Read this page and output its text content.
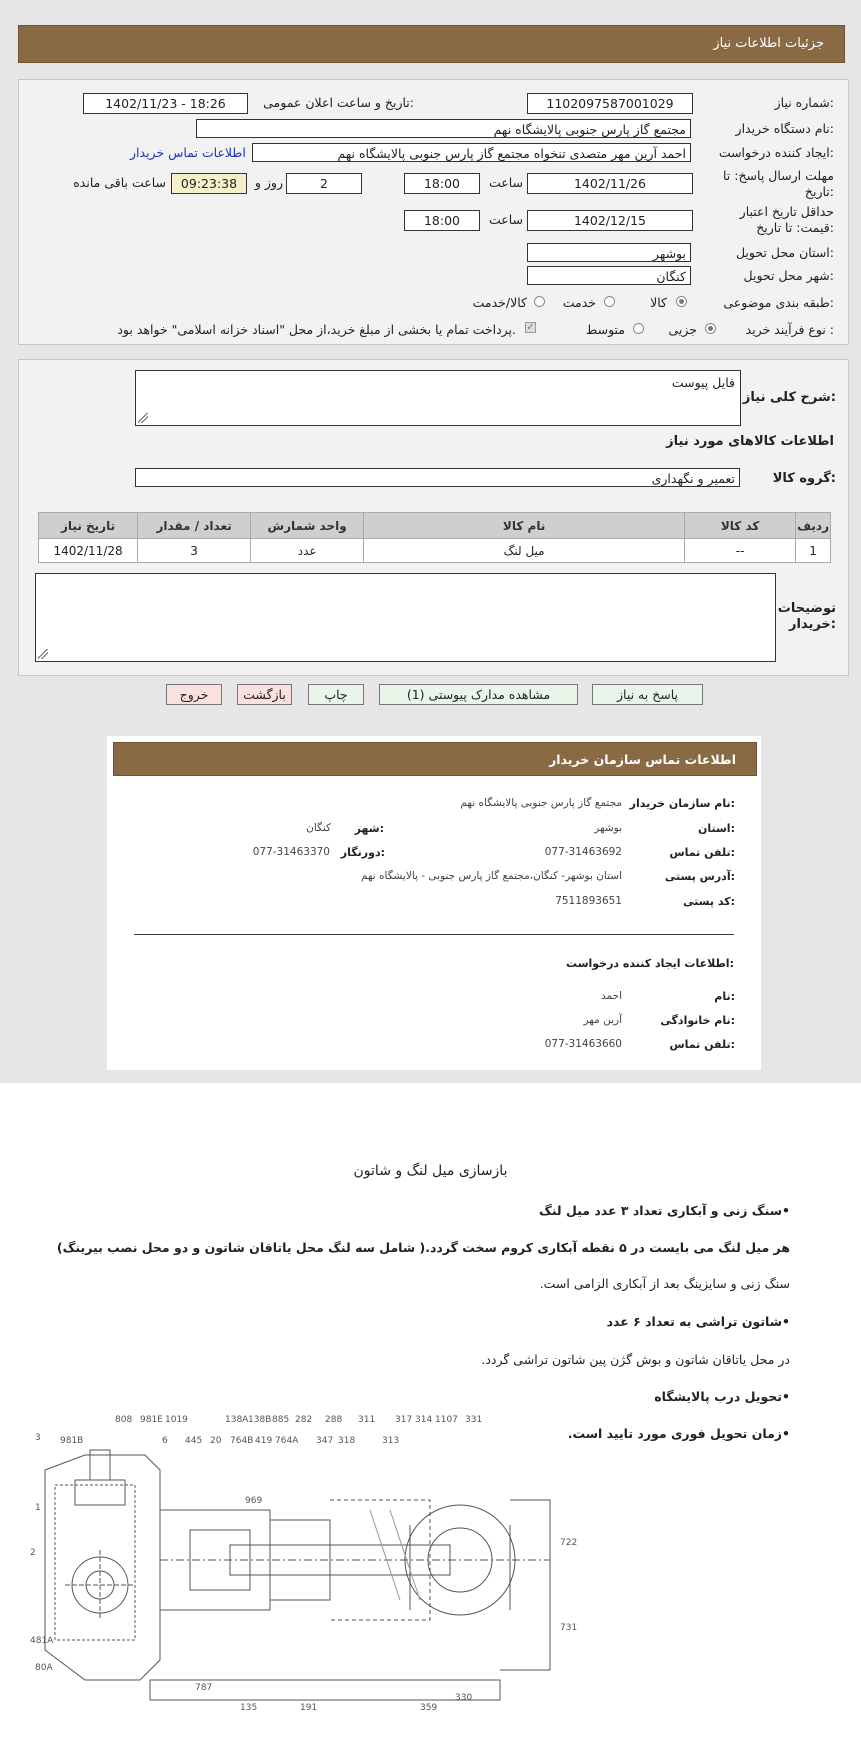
جزئیات اطلاعات نیاز
شماره نیاز:
1102097587001029
تاریخ و ساعت اعلان عمومی:
1402/11/23 - 18:26
نام دستگاه خریدار:
مجتمع گاز پارس جنوبی پالایشگاه نهم
ایجاد کننده درخواست:
احمد آرین مهر متصدی تنخواه مجتمع گاز پارس جنوبی پالایشگاه نهم
اطلاعات تماس خریدار
مهلت ارسال پاسخ: تا تاریخ:
1402/11/26
ساعت
18:00
2
روز و
09:23:38
ساعت باقی مانده
حداقل تاریخ اعتبار قیمت: تا تاریخ:
1402/12/15
ساعت
18:00
استان محل تحویل:
بوشهر
شهر محل تحویل:
کنگان
طبقه بندی موضوعی:
کالا
خدمت
کالا/خدمت
نوع فرآیند خرید :
جزیی
متوسط
✓
پرداخت تمام یا بخشی از مبلغ خرید،از محل "اسناد خزانه اسلامی" خواهد بود.
شرح کلی نیاز:
فایل پیوست
اطلاعات کالاهای مورد نیاز
گروه کالا:
تعمیر و نگهداری
ردیف	کد کالا	نام کالا	واحد شمارش	تعداد / مقدار	تاریخ نیاز
1	--	میل لنگ	عدد	3	1402/11/28
توضیحات خریدار:
پاسخ به نیاز
مشاهده مدارک پیوستی (1)
چاپ
بازگشت
خروج
اطلاعات تماس سازمان خریدار
نام سازمان خریدار:
مجتمع گاز پارس جنوبی پالایشگاه نهم
استان:
بوشهر
شهر:
کنگان
تلفن تماس:
077-31463692
دورنگار:
077-31463370
آدرس پستی:
استان بوشهر- کنگان،مجتمع گاز پارس جنوبی - پالایشگاه نهم
کد پستی:
7511893651
اطلاعات ایجاد کننده درخواست:
نام:
احمد
نام خانوادگی:
آرین مهر
تلفن تماس:
077-31463660
بازسازی میل لنگ و شاتون
•سنگ زنی و آبکاری تعداد ۳ عدد میل لنگ
هر میل لنگ می بایست در ۵ نقطه آبکاری کروم سخت گردد.( شامل سه لنگ محل یاتاقان شاتون و دو محل نصب بیرینگ)
سنگ زنی و سایزینگ بعد از آبکاری الزامی است.
•شاتون تراشی به تعداد ۶ عدد
در محل یاتاقان شاتون و بوش گژن پین شاتون تراشی گردد.
•تحویل درب پالایشگاه
•زمان تحویل فوری مورد تایید است.
808 981E 1019	138A 138B 885 282 288 311 317 314 1107 331
3 981B	6 445 20 764B 419 764A 347 318	313
969
1
2
481A
80A
787
135	191	359
330
722
731
